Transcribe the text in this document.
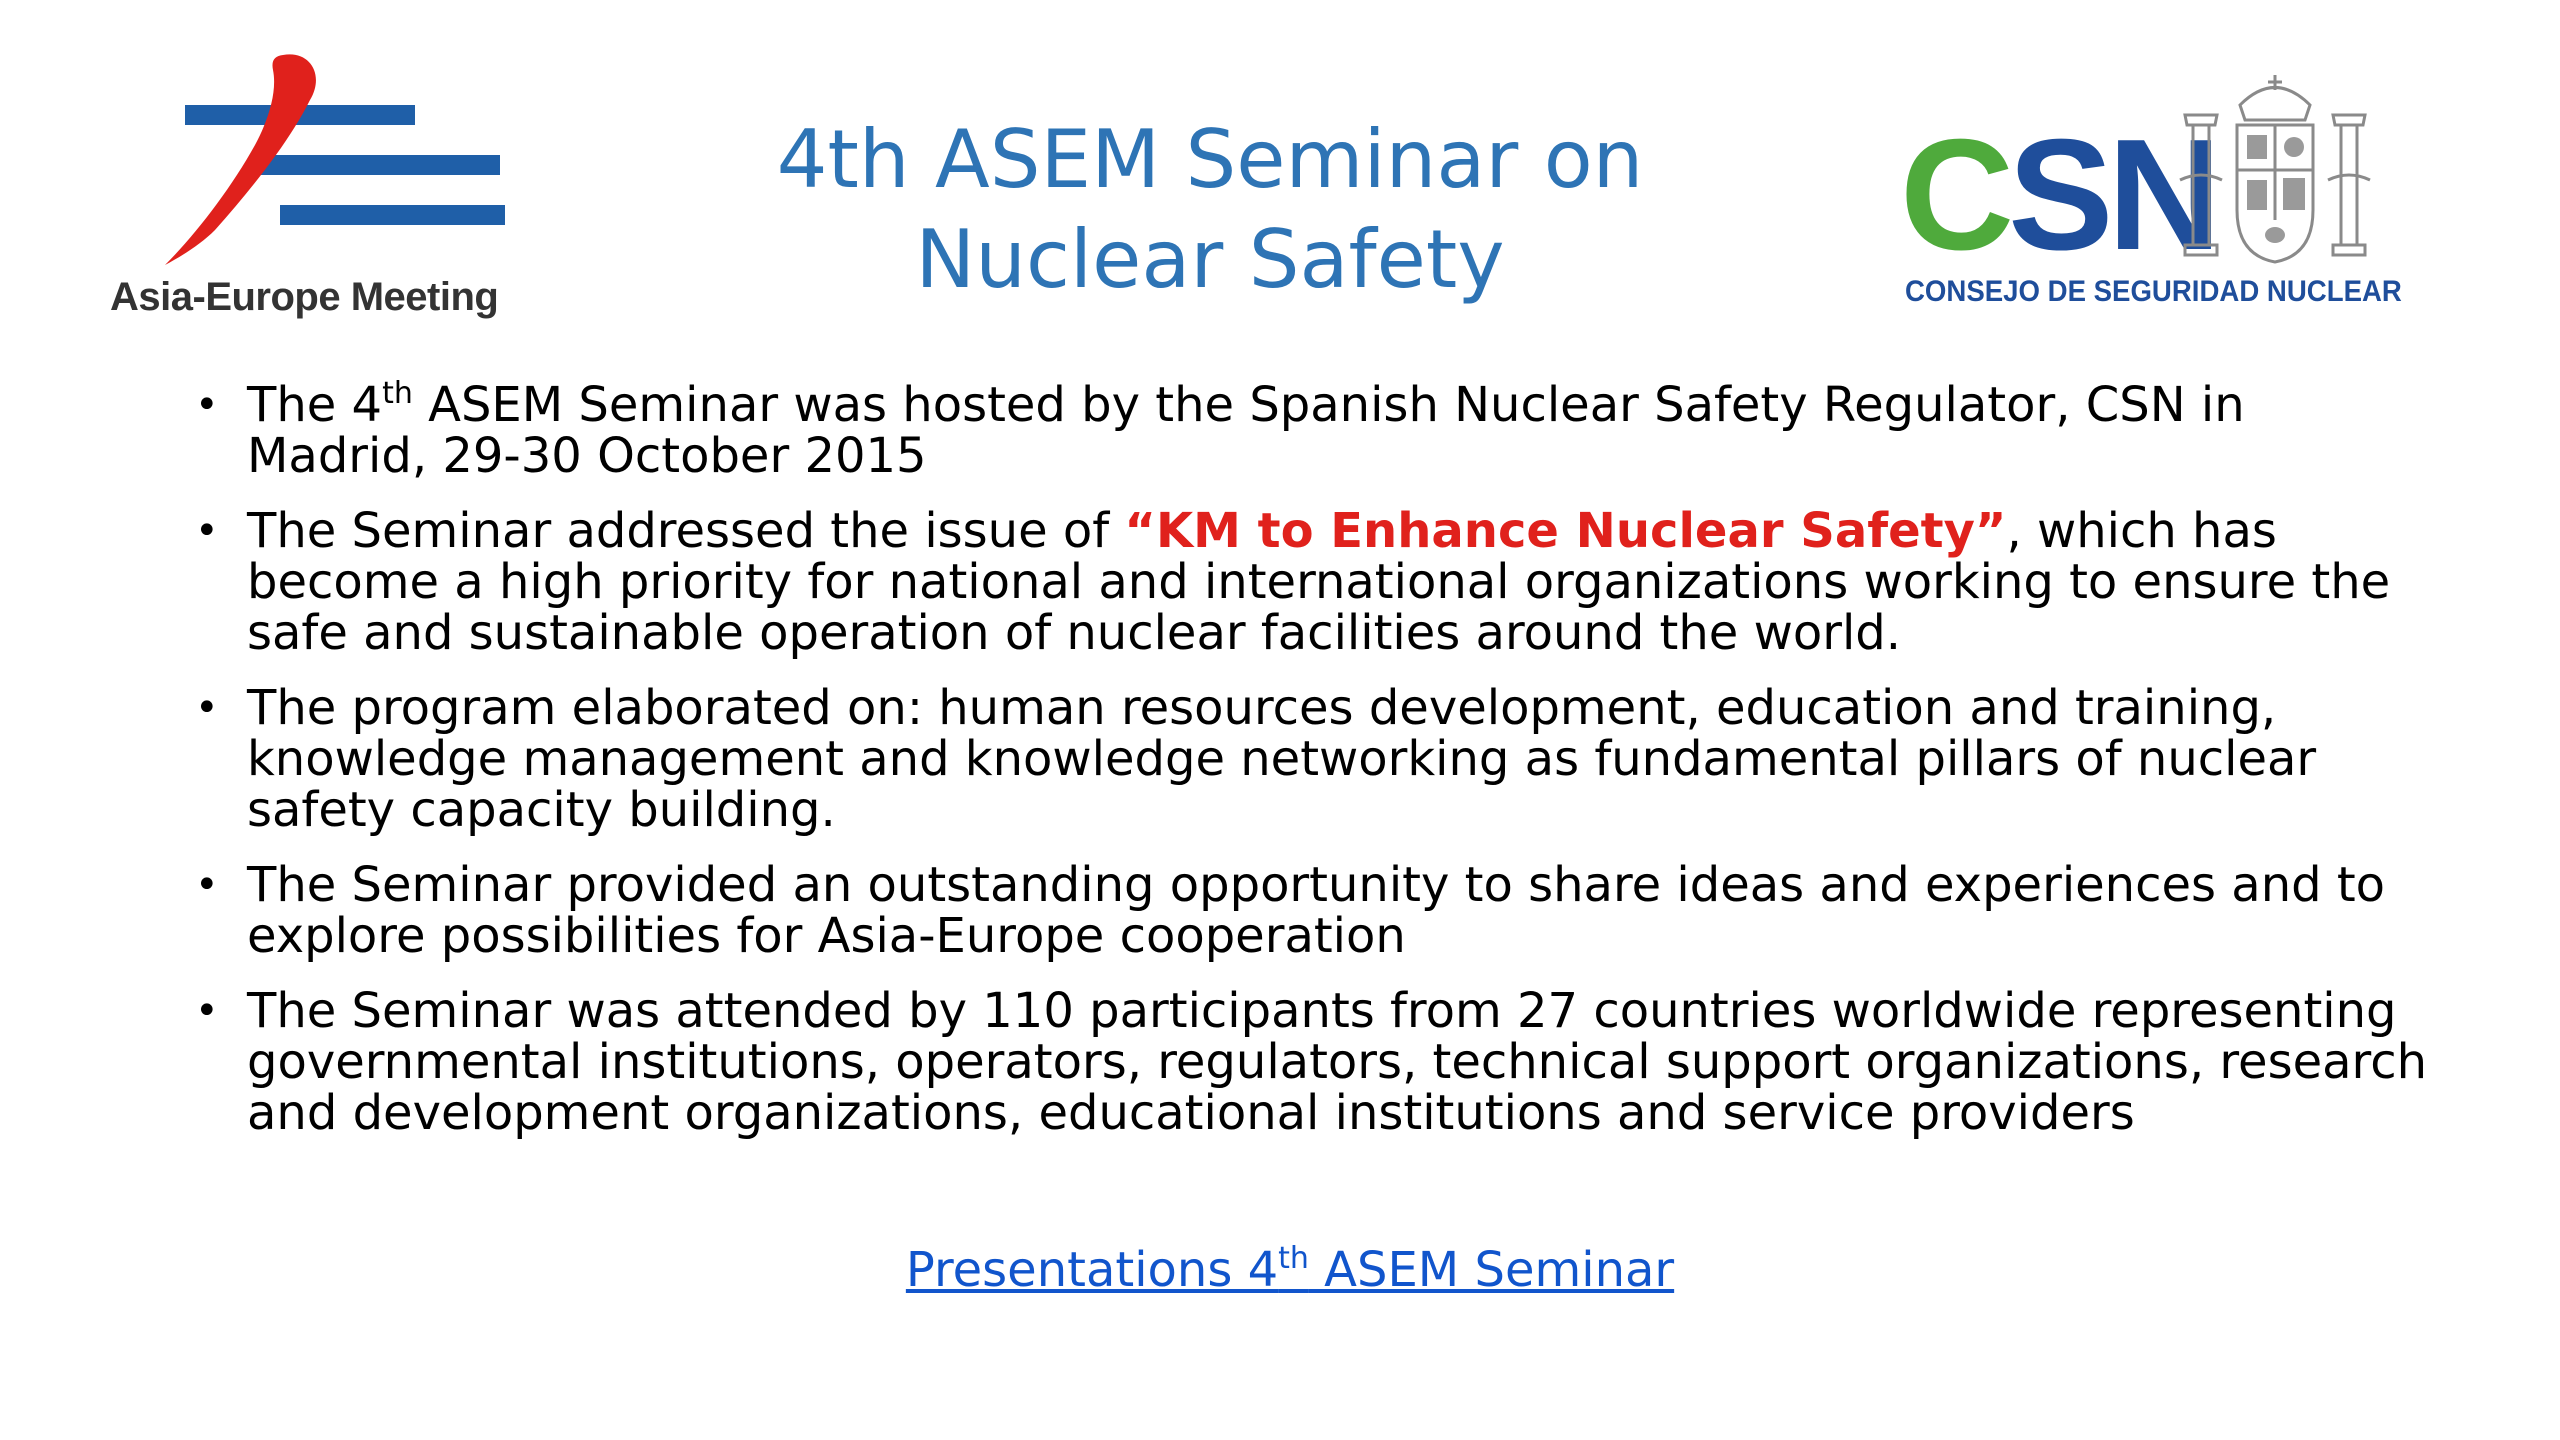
Asia-Europe Meeting
4th ASEM Seminar on
Nuclear Safety	CSN
CONSEJO DE SEGURIDAD NUCLEAR
• The 4th ASEM Seminar was hosted by the Spanish Nuclear Safety Regulator, CSN in Madrid, 29-30 October 2015
• The Seminar addressed the issue of “KM to Enhance Nuclear Safety”, which has become a high priority for national and international organizations working to ensure the safe and sustainable operation of nuclear facilities around the world.
• The program elaborated on: human resources development, education and training, knowledge management and knowledge networking as fundamental pillars of nuclear safety capacity building.
• The Seminar provided an outstanding opportunity to share ideas and experiences and to explore possibilities for Asia-Europe cooperation
• The Seminar was attended by 110 participants from 27 countries worldwide representing governmental institutions, operators, regulators, technical support organizations, research and development organizations, educational institutions and service providers
Presentations 4th ASEM Seminar
